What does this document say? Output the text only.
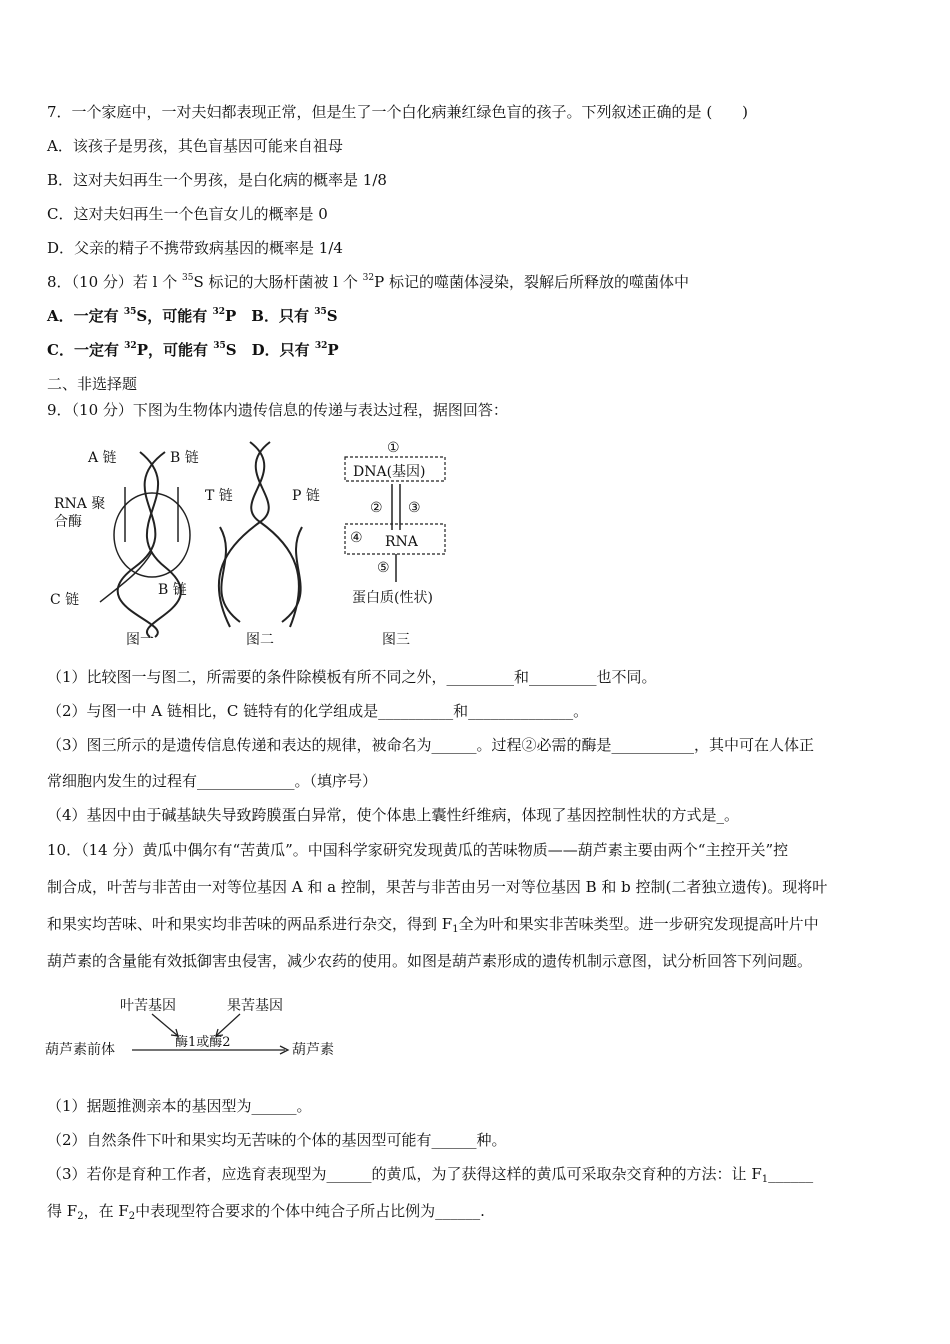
7．一个家庭中，一对夫妇都表现正常，但是生了一个白化病兼红绿色盲的孩子。下列叙述正确的是 (　　)
A．该孩子是男孩，其色盲基因可能来自祖母
B．这对夫妇再生一个男孩，是白化病的概率是 1/8
C．这对夫妇再生一个色盲女儿的概率是 0
D．父亲的精子不携带致病基因的概率是 1/4
8．（10 分）若 l 个 $^{35}$S 标记的大肠杆菌被 l 个 $^{32}$P 标记的噬菌体浸染，裂解后所释放的噬菌体中
A．一定有 $^{35}$S，可能有 $^{32}$P　B．只有 $^{35}$S
C．一定有 $^{32}$P，可能有 $^{35}$S　D．只有 $^{32}$P
二、非选择题
9．（10 分）下图为生物体内遗传信息的传递与表达过程，据图回答：
A 链	B 链
RNA 聚
合酶
C 链
B 链
T 链	P 链
①
DNA(基因)
② ③
④ RNA
⑤
蛋白质(性状)
图一	图二	图三
（1）比较图一与图二，所需要的条件除模板有所不同之外，_________和_________也不同。
（2）与图一中 A 链相比，C 链特有的化学组成是__________和______________。
（3）图三所示的是遗传信息传递和表达的规律，被命名为______。过程②必需的酶是___________，其中可在人体正
常细胞内发生的过程有_____________。（填序号）
（4）基因中由于碱基缺失导致跨膜蛋白异常，使个体患上囊性纤维病，体现了基因控制性状的方式是_。
10．（14 分）黄瓜中偶尔有“苦黄瓜”。中国科学家研究发现黄瓜的苦味物质——葫芦素主要由两个“主控开关”控
制合成，叶苦与非苦由一对等位基因 A 和 a 控制，果苦与非苦由另一对等位基因 B 和 b 控制(二者独立遗传)。现将叶
和果实均苦味、叶和果实均非苦味的两品系进行杂交，得到 $F_1$全为叶和果实非苦味类型。进一步研究发现提高叶片中
葫芦素的含量能有效抵御害虫侵害，减少农药的使用。如图是葫芦素形成的遗传机制示意图，试分析回答下列问题。
叶苦基因	果苦基因
葫芦素前体	酶1或酶2	葫芦素
（1）据题推测亲本的基因型为______。
（2）自然条件下叶和果实均无苦味的个体的基因型可能有______种。
（3）若你是育种工作者，应选育表现型为______的黄瓜，为了获得这样的黄瓜可采取杂交育种的方法：让 $F_1\_\_\_\_\_\_$
得 $F_2$，在 $F_2$中表现型符合要求的个体中纯合子所占比例为______.
